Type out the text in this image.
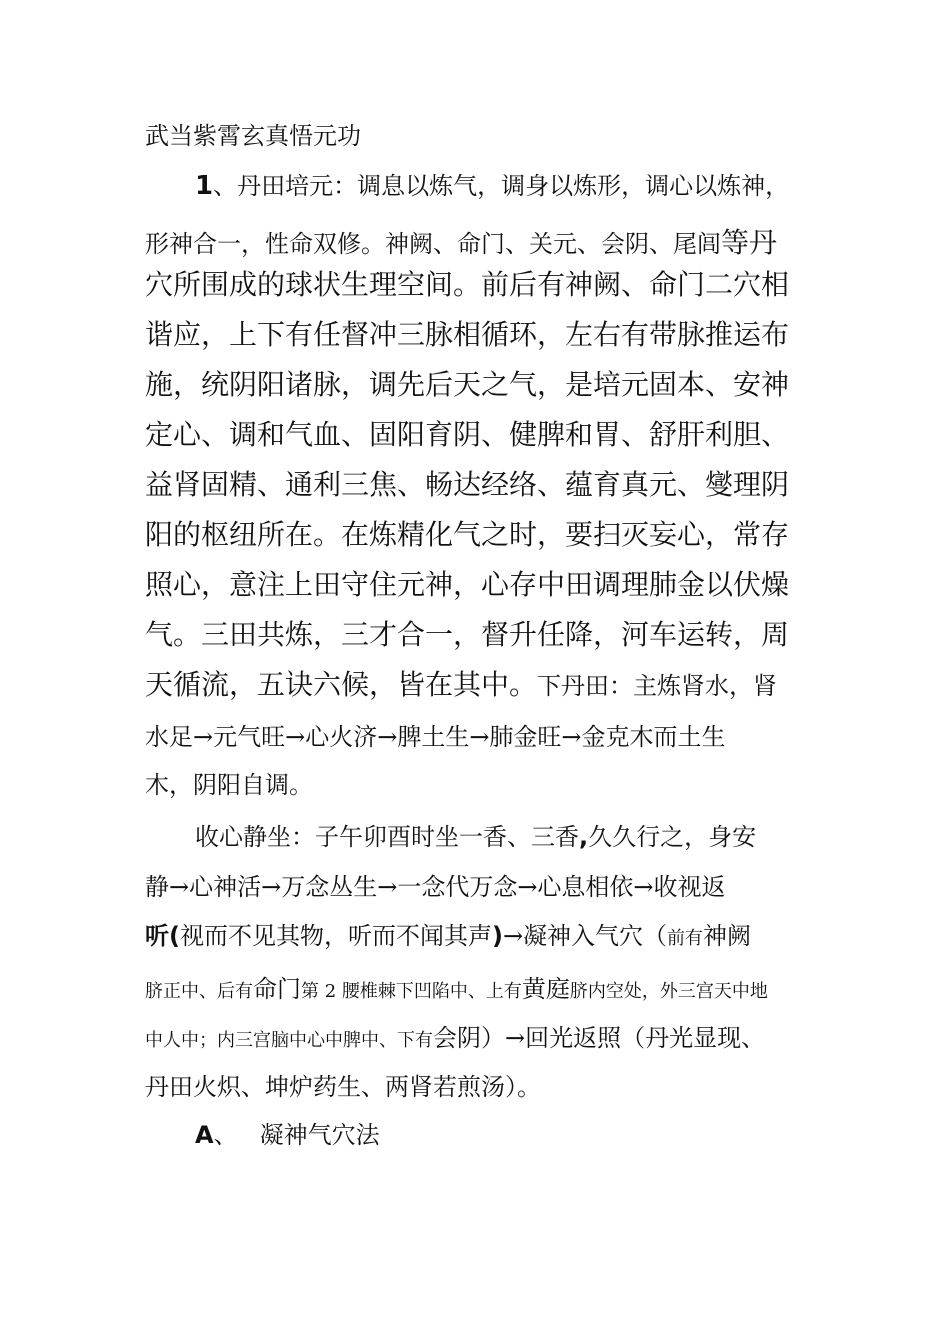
武当紫霄玄真悟元功
1、丹田培元：调息以炼气，调身以炼形，调心以炼神，
形神合一，性命双修。神阙、命门、关元、会阴、尾闾等丹
穴所围成的球状生理空间。前后有神阙、命门二穴相
谐应，上下有任督冲三脉相循环，左右有带脉推运布
施，统阴阳诸脉，调先后天之气，是培元固本、安神
定心、调和气血、固阳育阴、健脾和胃、舒肝利胆、
益肾固精、通利三焦、畅达经络、蕴育真元、燮理阴
阳的枢纽所在。在炼精化气之时，要扫灭妄心，常存
照心，意注上田守住元神，心存中田调理肺金以伏燥
气。三田共炼，三才合一，督升任降，河车运转，周
天循流，五诀六候，皆在其中。下丹田：主炼肾水，肾
水足→元气旺→心火济→脾土生→肺金旺→金克木而土生
木，阴阳自调。
收心静坐：子午卯酉时坐一香、三香,久久行之，身安
静→心神活→万念丛生→一念代万念→心息相依→收视返
听(视而不见其物，听而不闻其声)→凝神入气穴（前有神阙
脐正中、后有命门第 2 腰椎棘下凹陷中、上有黄庭脐内空处，外三宫天中地
中人中；内三宫脑中心中脾中、下有会阴）→回光返照（丹光显现、
丹田火炽、坤炉药生、两肾若煎汤）。
A、 凝神气穴法
